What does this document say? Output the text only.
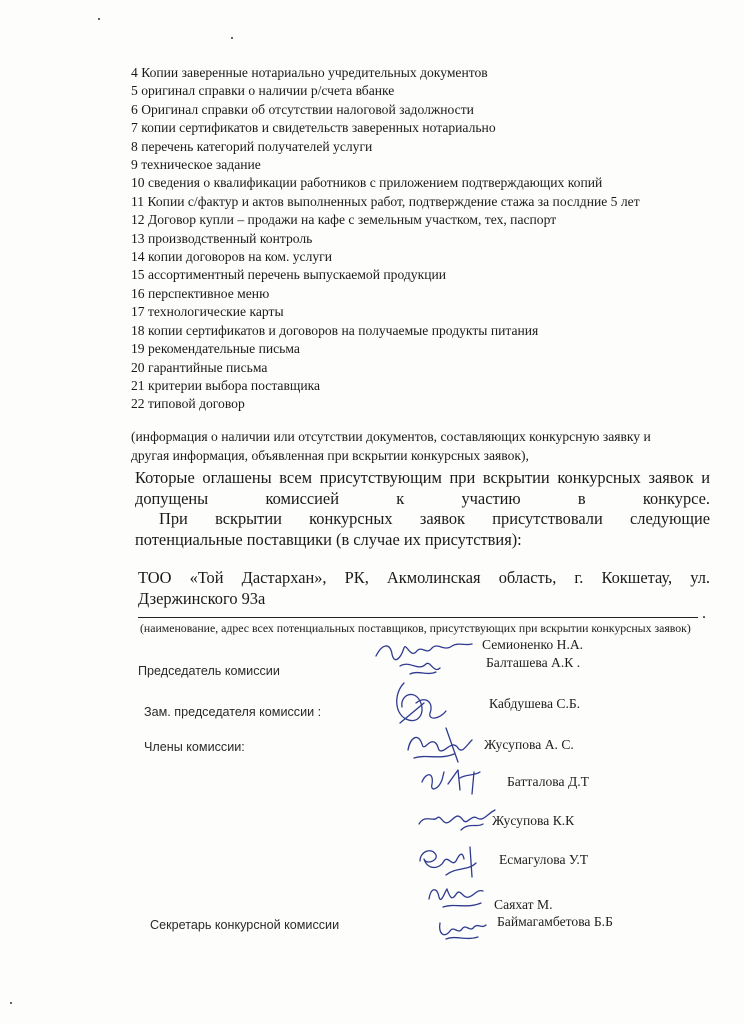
4 Копии заверенные нотариально учредительных документов
5 оригинал справки о наличии р/счета вбанке
6 Оригинал справки об отсутствии налоговой задолжности
7 копии сертификатов и свидетельств заверенных нотариально
8 перечень категорий получателей услуги
9 техническое задание
10 сведения о квалификации работников с приложением подтверждающих копий
11 Копии с/фактур и актов выполненных работ, подтверждение стажа за послдние 5 лет
12 Договор купли – продажи на кафе с земельным участком, тех, паспорт
13 производственный контроль
14 копии договоров на ком. услуги
15 ассортиментный перечень выпускаемой продукции
16 перспективное меню
17 технологические карты
18 копии сертификатов и договоров на получаемые продукты питания
19 рекомендательные письма
20 гарантийные письма
21 критерии выбора поставщика
22 типовой договор
(информация о наличии или отсутствии документов, составляющих конкурсную заявку и
другая информация, объявленная при вскрытии конкурсных заявок),
Которые оглашены всем присутствующим при вскрытии конкурсных заявок и
допущены комиссией к участию в конкурсе.
При вскрытии конкурсных заявок присутствовали следующие
потенциальные поставщики (в случае их присутствия):
ТОО «Той Дастархан», РК, Акмолинская область, г. Кокшетау, ул.
Дзержинского 93а
.
(наименование, адрес всех потенциальных поставщиков, присутствующих при вскрытии конкурсных заявок)
Председатель комиссии
Зам. председателя комиссии :
Члены комиссии:
Секретарь конкурсной комиссии
Семионенко Н.А.
Балташева А.К .
Кабдушева С.Б.
Жусупова А. С.
Батталова Д.Т
Жусупова К.К
Есмагулова У.Т
Саяхат М.
Баймагамбетова Б.Б
